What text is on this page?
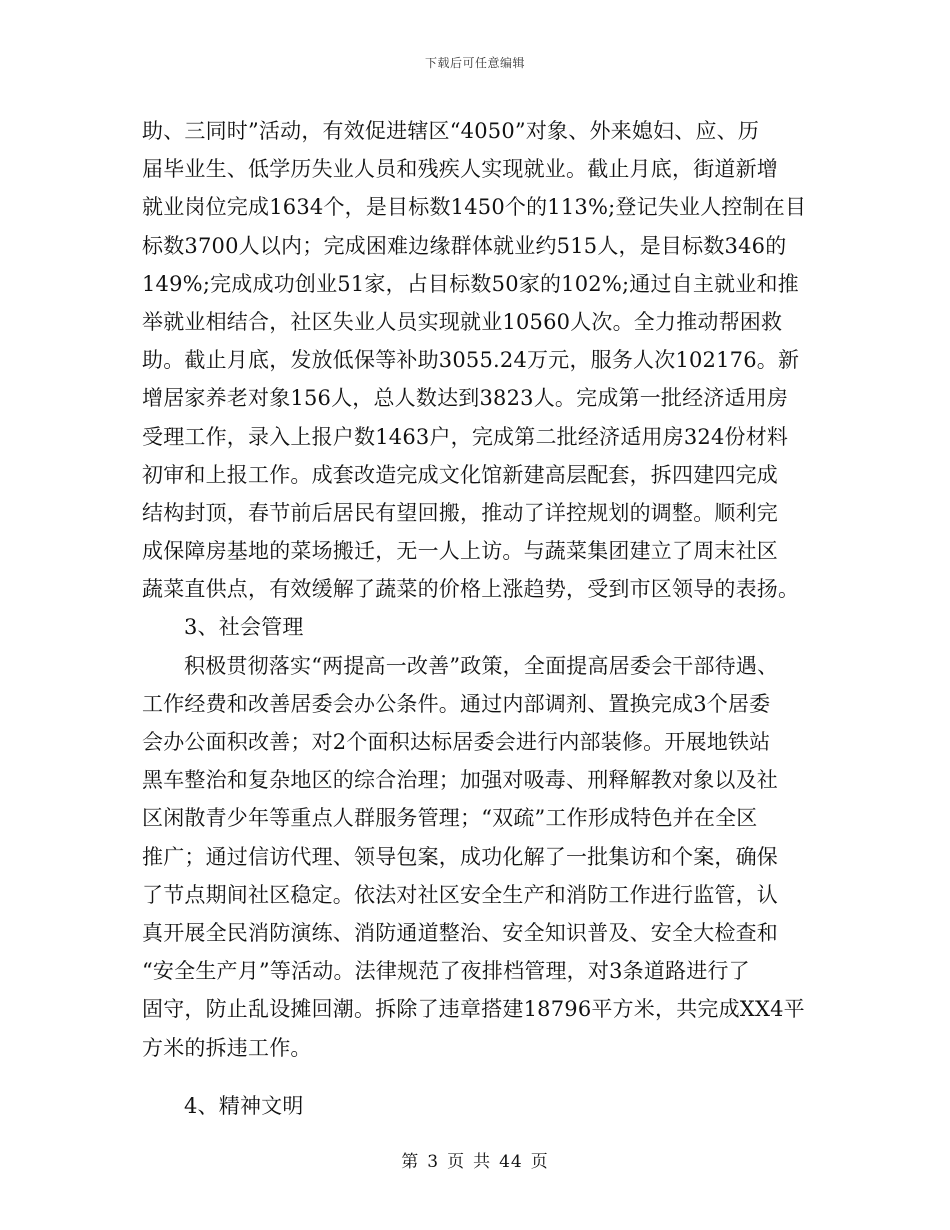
下载后可任意编辑
助、三同时”活动，有效促进辖区“4050”对象、外来媳妇、应、历
届毕业生、低学历失业人员和残疾人实现就业。截止月底，街道新增
就业岗位完成1634个，是目标数1450个的113%;登记失业人控制在目
标数3700人以内；完成困难边缘群体就业约515人，是目标数346的
149%;完成成功创业51家，占目标数50家的102%;通过自主就业和推
举就业相结合，社区失业人员实现就业10560人次。全力推动帮困救
助。截止月底，发放低保等补助3055.24万元，服务人次102176。新
增居家养老对象156人，总人数达到3823人。完成第一批经济适用房
受理工作，录入上报户数1463户，完成第二批经济适用房324份材料
初审和上报工作。成套改造完成文化馆新建高层配套，拆四建四完成
结构封顶，春节前后居民有望回搬，推动了详控规划的调整。顺利完
成保障房基地的菜场搬迁，无一人上访。与蔬菜集团建立了周末社区
蔬菜直供点，有效缓解了蔬菜的价格上涨趋势，受到市区领导的表扬。
3、社会管理
积极贯彻落实“两提高一改善”政策，全面提高居委会干部待遇、
工作经费和改善居委会办公条件。通过内部调剂、置换完成3个居委
会办公面积改善；对2个面积达标居委会进行内部装修。开展地铁站
黑车整治和复杂地区的综合治理；加强对吸毒、刑释解教对象以及社
区闲散青少年等重点人群服务管理；“双疏”工作形成特色并在全区
推广；通过信访代理、领导包案，成功化解了一批集访和个案，确保
了节点期间社区稳定。依法对社区安全生产和消防工作进行监管，认
真开展全民消防演练、消防通道整治、安全知识普及、安全大检查和
“安全生产月”等活动。法律规范了夜排档管理，对3条道路进行了
固守，防止乱设摊回潮。拆除了违章搭建18796平方米，共完成XX4平
方米的拆违工作。
4、精神文明
第 3 页 共 44 页
